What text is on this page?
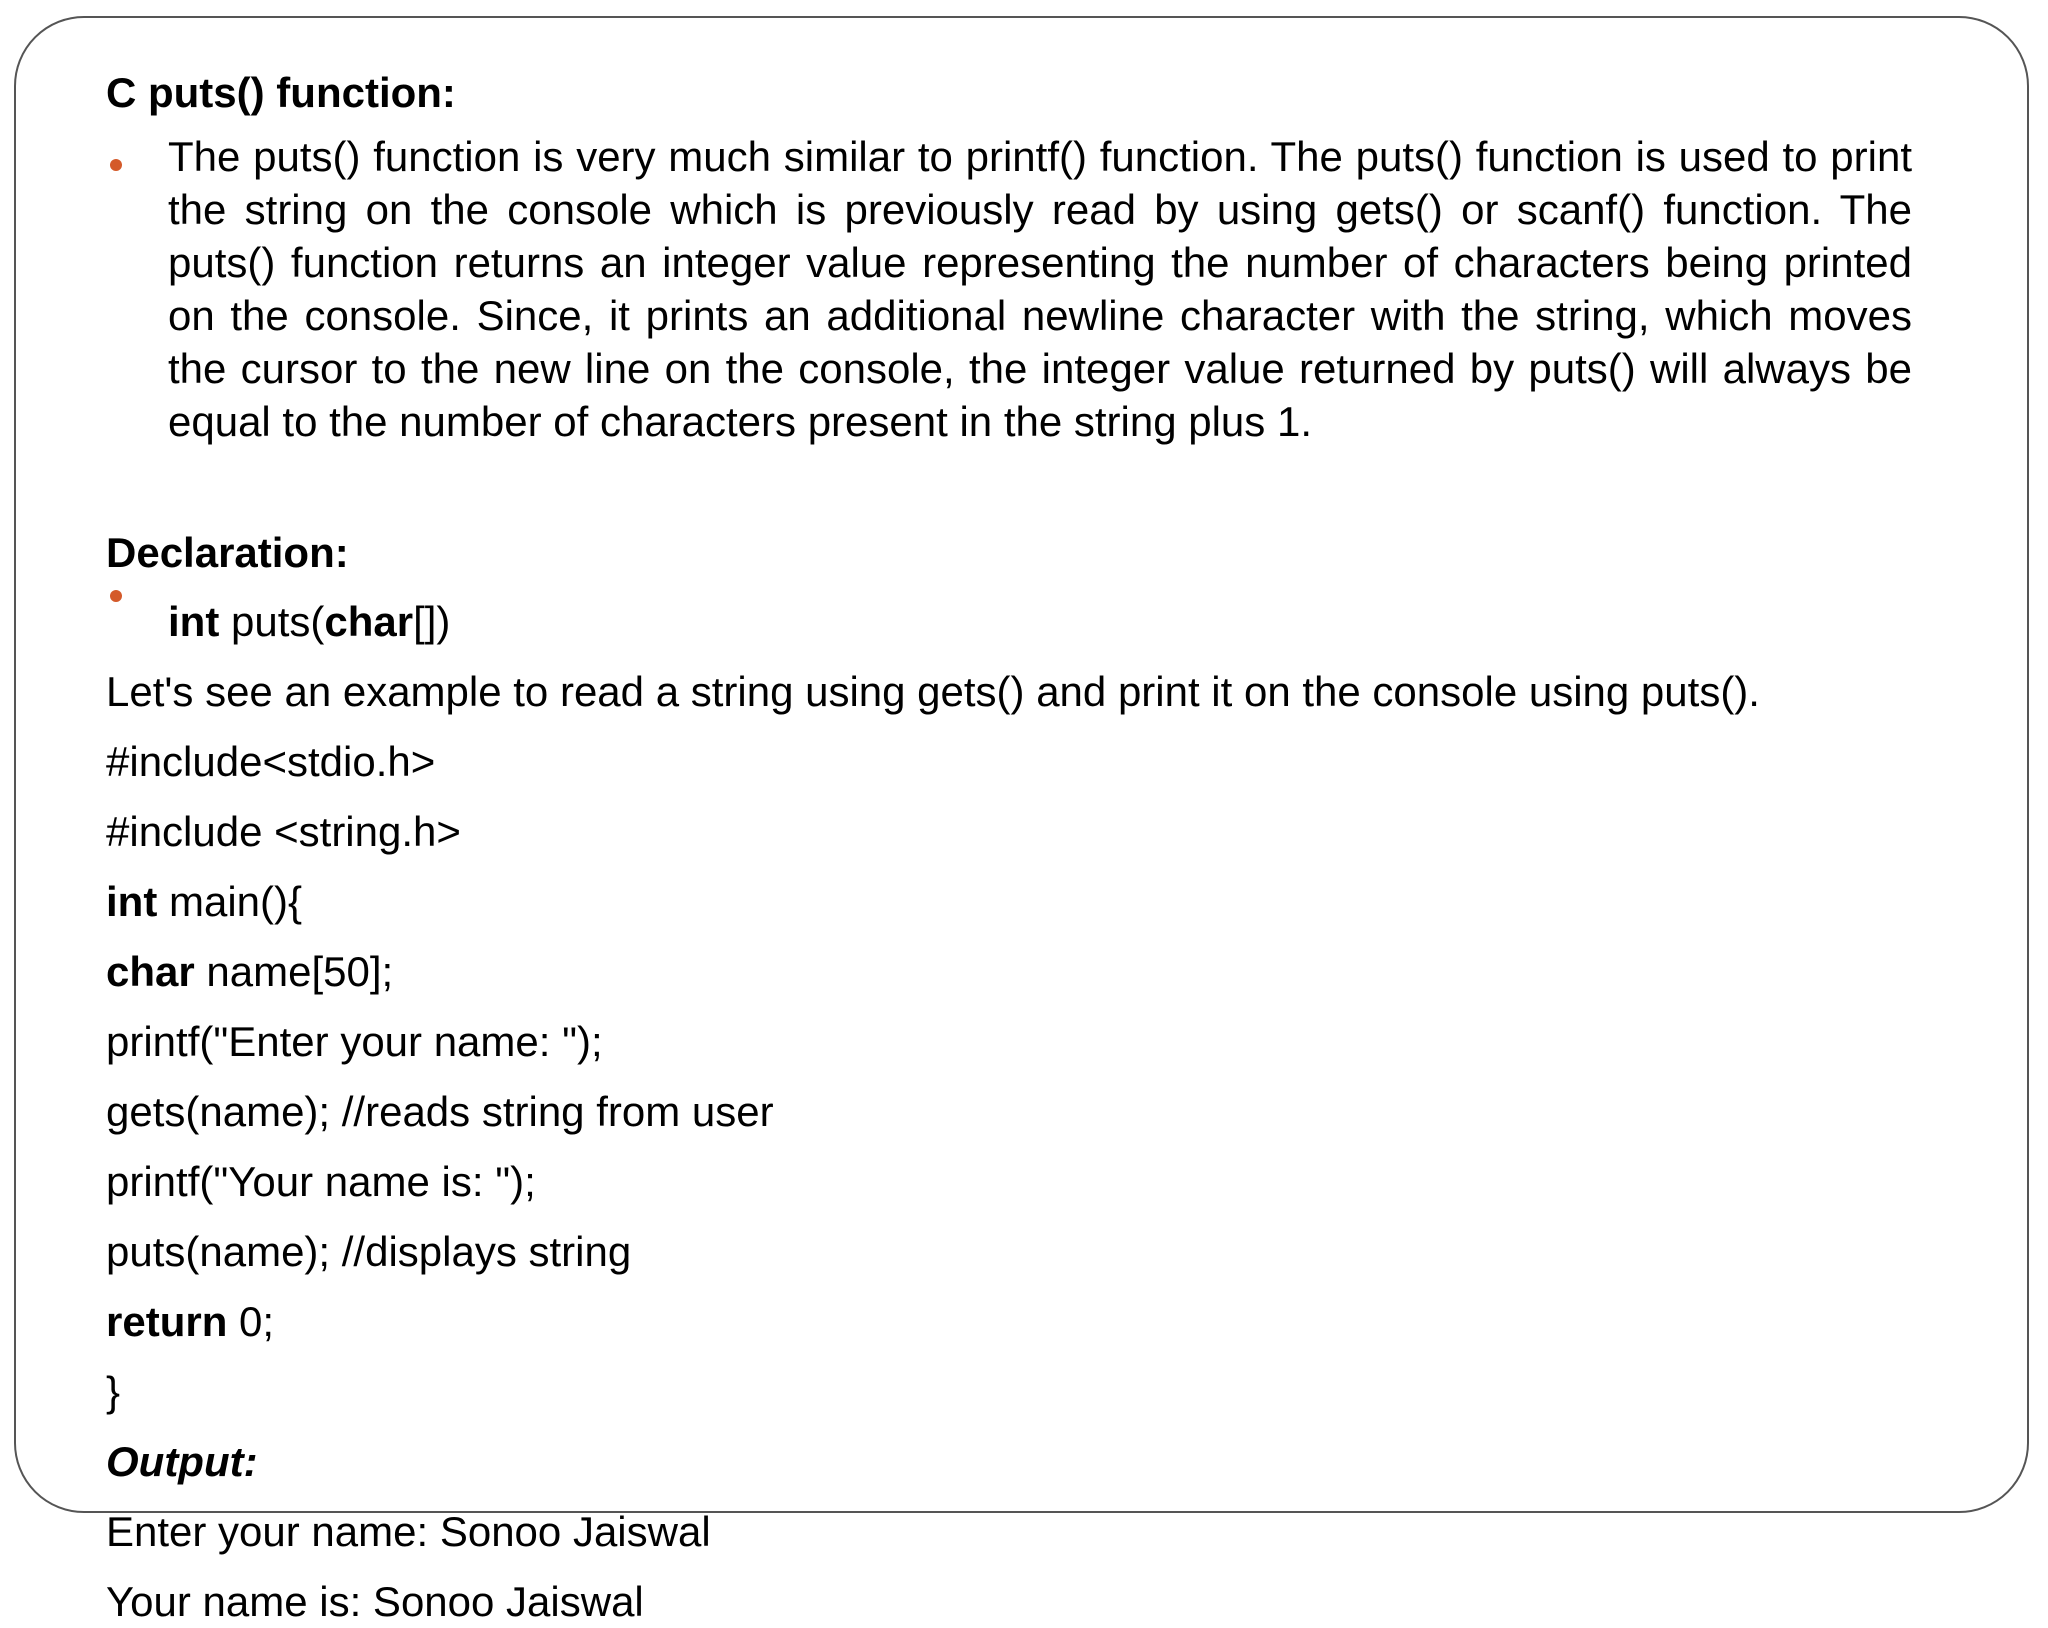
C puts() function:
The puts() function is very much similar to printf() function. The puts() function is used to print the string on the console which is previously read by using gets() or scanf() function. The puts() function returns an integer value representing the number of characters being printed on the console. Since, it prints an additional newline character with the string, which moves the cursor to the new line on the console, the integer value returned by puts() will always be equal to the number of characters present in the string plus 1.
Declaration:
int puts(char[])
Let's see an example to read a string using gets() and print it on the console using puts().
#include<stdio.h>
#include <string.h>
int main(){
char name[50];
printf("Enter your name: ");
gets(name); //reads string from user
printf("Your name is: ");
puts(name); //displays string
return 0;
}
Output:
Enter your name: Sonoo Jaiswal
Your name is: Sonoo Jaiswal
